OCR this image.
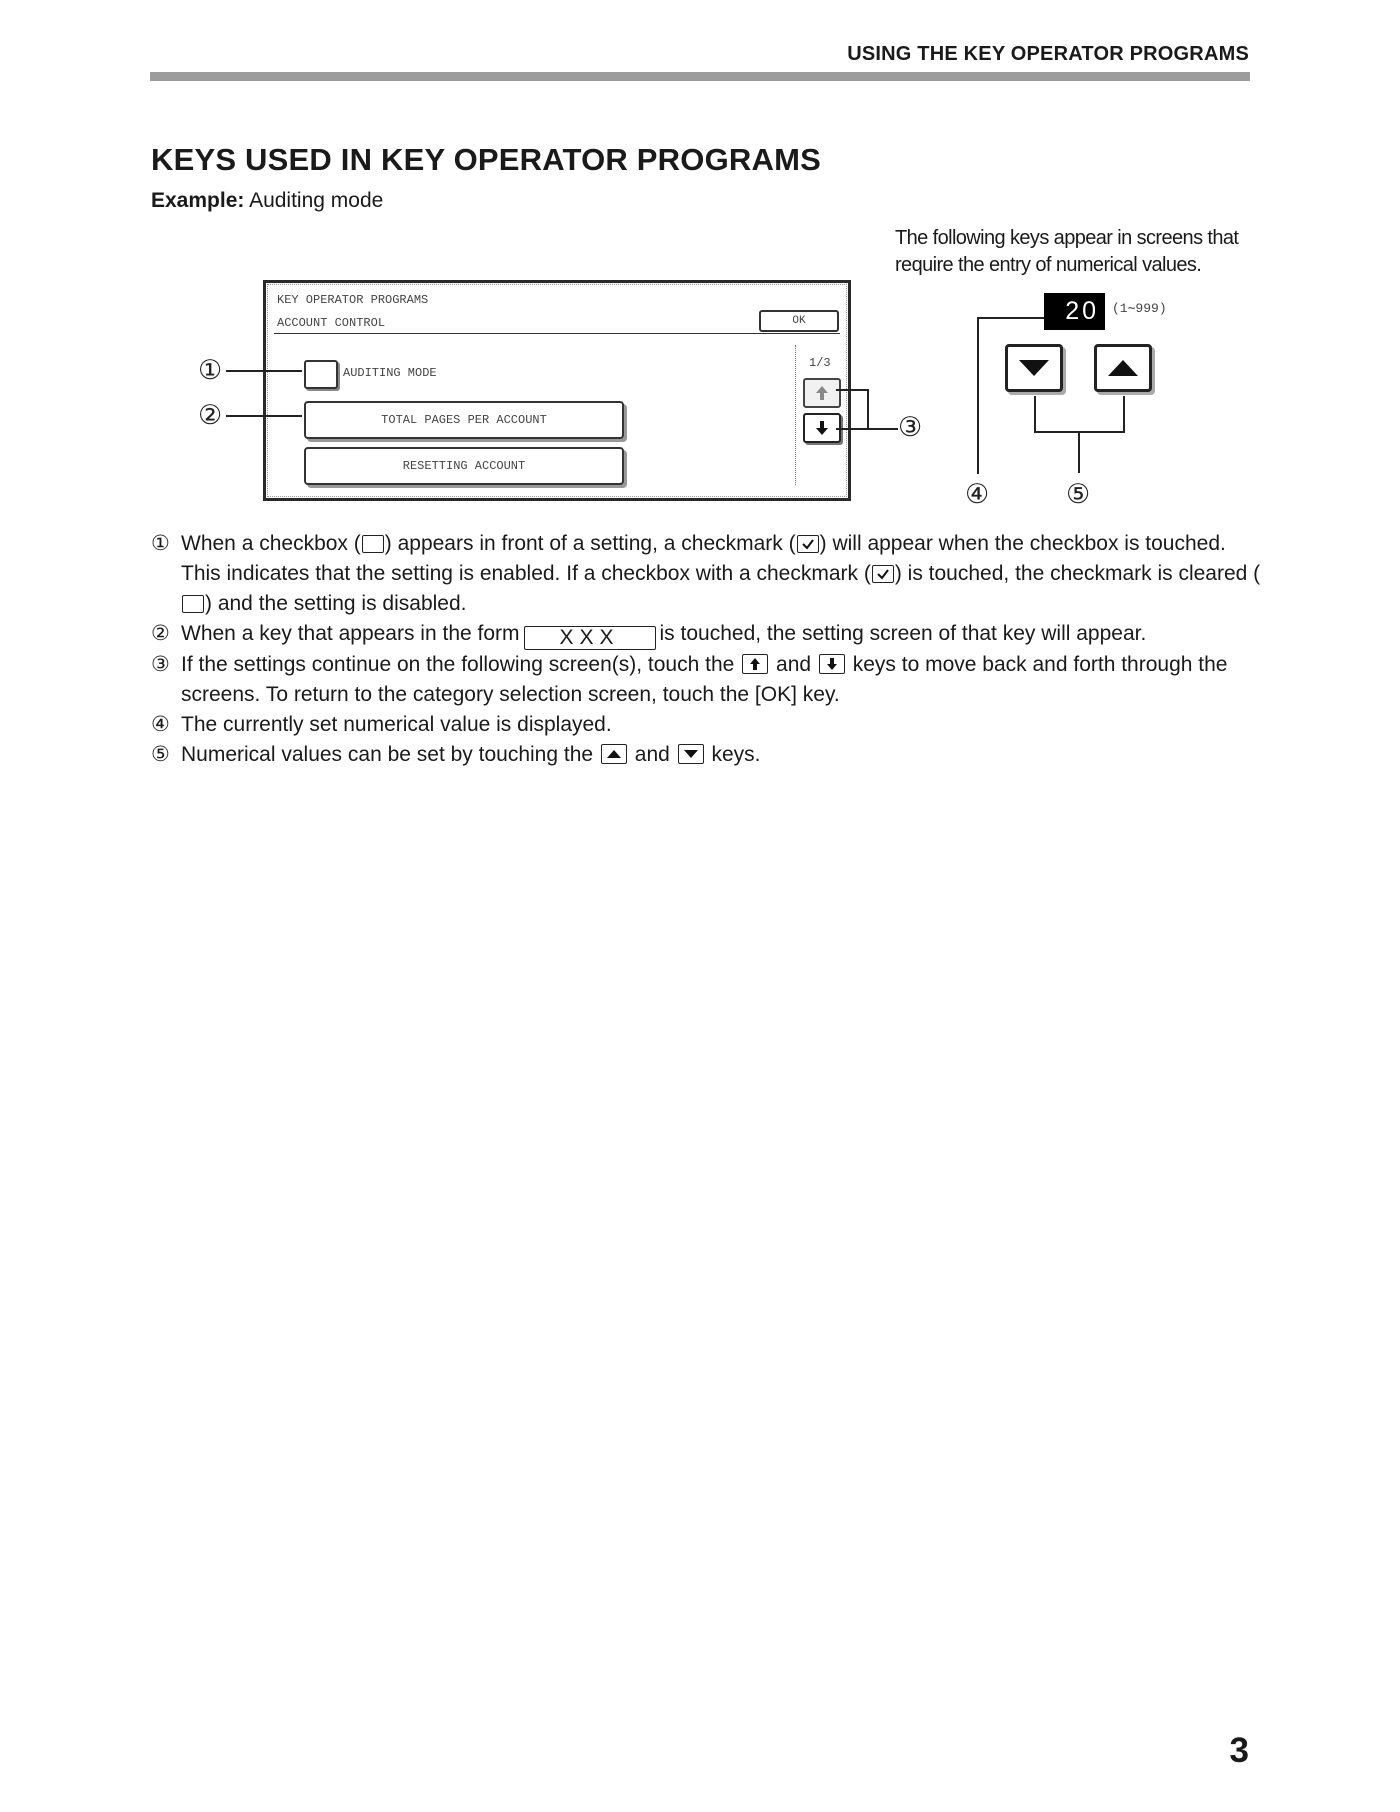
USING THE KEY OPERATOR PROGRAMS
KEYS USED IN KEY OPERATOR PROGRAMS
Example: Auditing mode
The following keys appear in screens that require the entry of numerical values.
KEY OPERATOR PROGRAMS
ACCOUNT CONTROL	OK
AUDITING MODE
TOTAL PAGES PER ACCOUNT
RESETTING ACCOUNT
1/3
①
②	③
20	(1∼999)
④	⑤
① When a checkbox ( ) appears in front of a setting, a checkmark ( ) will appear when the checkbox is touched. This indicates that the setting is enabled. If a checkbox with a checkmark ( ) is touched, the checkmark is cleared () and the setting is disabled.
② When a key that appears in the form XXX is touched, the setting screen of that key will appear.
③ If the settings continue on the following screen(s), touch the and keys to move back and forth through the screens. To return to the category selection screen, touch the [OK] key.
④ The currently set numerical value is displayed.
⑤ Numerical values can be set by touching the and keys.
3
